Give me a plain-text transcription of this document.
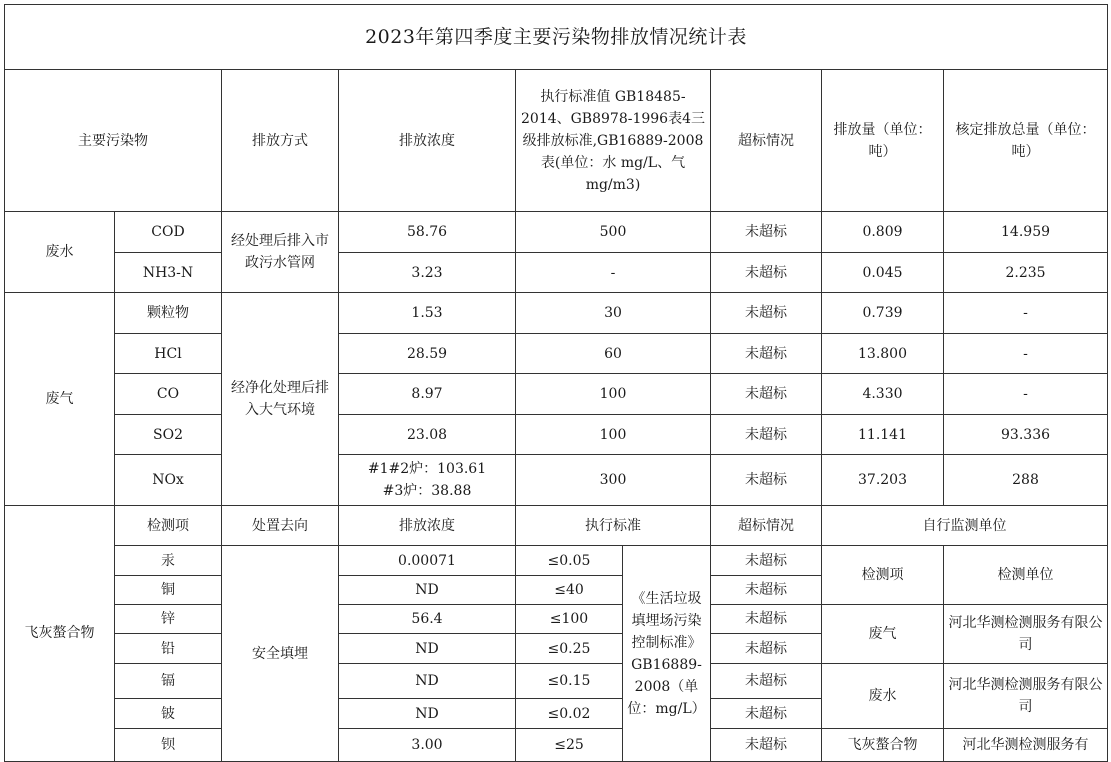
2023年第四季度主要污染物排放情况统计表								
主要污染物		排放方式	排放浓度	执行标准值 GB18485-2014、GB8978-1996表4三级排放标准,GB16889-2008表(单位：水 mg/L、气 mg/m3)		超标情况	排放量（单位：吨）	核定排放总量（单位：吨）
废水	COD	经处理后排入市政污水管网	58.76	500		未超标	0.809	14.959
	NH3-N		3.23	-		未超标	0.045	2.235
废气	颗粒物	经净化处理后排入大气环境	1.53	30		未超标	0.739	-
	HCl		28.59	60		未超标	13.800	-
	CO		8.97	100		未超标	4.330	-
	SO2		23.08	100		未超标	11.141	93.336
	NOx		#1#2炉：103.61
#3炉：38.88	300		未超标	37.203	288
飞灰螯合物	检测项	处置去向	排放浓度	执行标准		超标情况	自行监测单位	
	汞	安全填埋	0.00071	≤0.05	《生活垃圾填埋场污染控制标准》GB16889-2008（单位：mg/L）	未超标	检测项	检测单位
	铜		ND	≤40		未超标		
	锌		56.4	≤100		未超标	废气	河北华测检测服务有限公司
	铅		ND	≤0.25		未超标		
	镉		ND	≤0.15		未超标	废水	河北华测检测服务有限公司
	铍		ND	≤0.02		未超标		
	钡		3.00	≤25		未超标	飞灰螯合物	河北华测检测服务有
